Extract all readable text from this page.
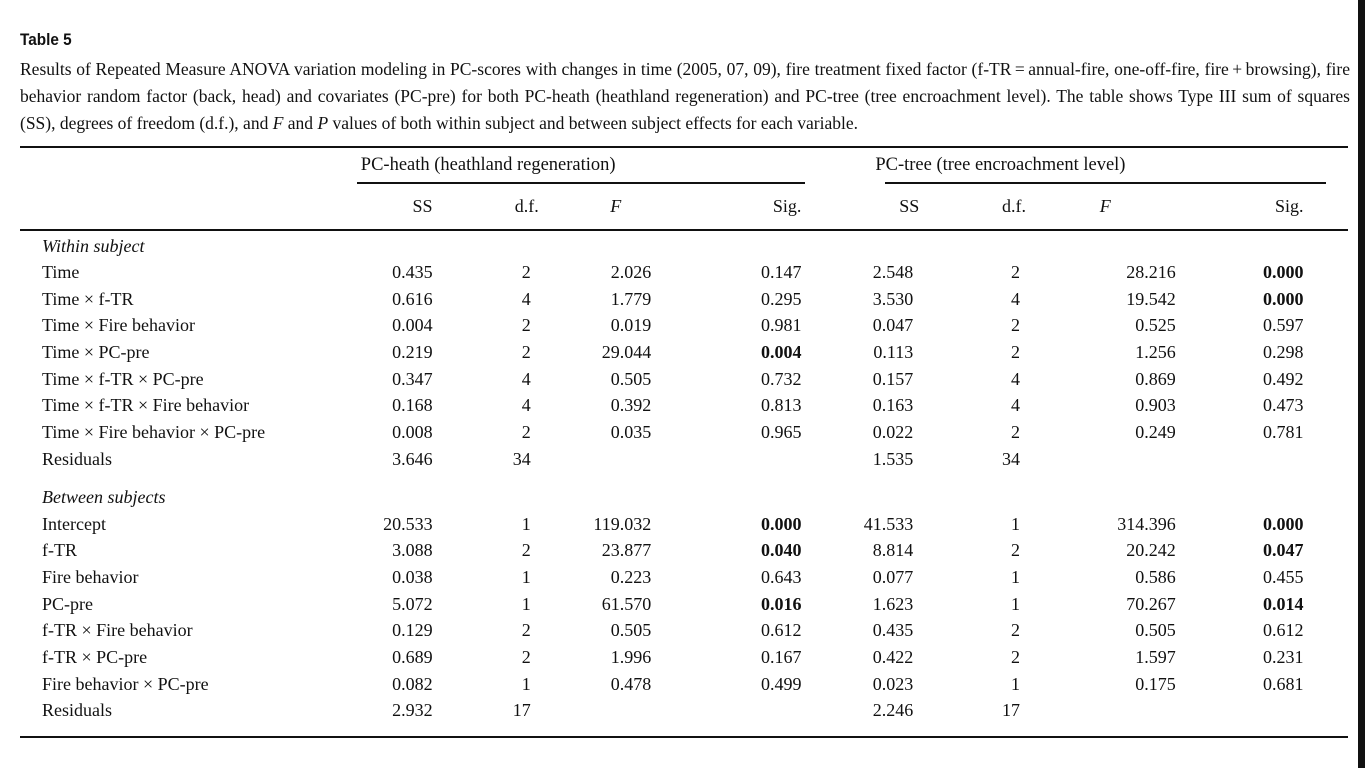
Table 5
Results of Repeated Measure ANOVA variation modeling in PC-scores with changes in time (2005, 07, 09), fire treatment fixed factor (f-TR = annual-fire, one-off-fire, fire + browsing), fire behavior random factor (back, head) and covariates (PC-pre) for both PC-heath (heathland regeneration) and PC-tree (tree encroachment level). The table shows Type III sum of squares (SS), degrees of freedom (d.f.), and F and P values of both within subject and between subject effects for each variable.
	PC-heath (heathland regeneration)				PC-tree (tree encroachment level)				
	SS	d.f.	F	Sig.	SS	d.f.	F	Sig.	
Within subject									
Time	0.435	2	2.026	0.147	2.548	2	28.216	0.000	
Time × f-TR	0.616	4	1.779	0.295	3.530	4	19.542	0.000	
Time × Fire behavior	0.004	2	0.019	0.981	0.047	2	0.525	0.597	
Time × PC-pre	0.219	2	29.044	0.004	0.113	2	1.256	0.298	
Time × f-TR × PC-pre	0.347	4	0.505	0.732	0.157	4	0.869	0.492	
Time × f-TR × Fire behavior	0.168	4	0.392	0.813	0.163	4	0.903	0.473	
Time × Fire behavior × PC-pre	0.008	2	0.035	0.965	0.022	2	0.249	0.781	
Residuals	3.646	34			1.535	34			
Between subjects									
Intercept	20.533	1	119.032	0.000	41.533	1	314.396	0.000	
f-TR	3.088	2	23.877	0.040	8.814	2	20.242	0.047	
Fire behavior	0.038	1	0.223	0.643	0.077	1	0.586	0.455	
PC-pre	5.072	1	61.570	0.016	1.623	1	70.267	0.014	
f-TR × Fire behavior	0.129	2	0.505	0.612	0.435	2	0.505	0.612	
f-TR × PC-pre	0.689	2	1.996	0.167	0.422	2	1.597	0.231	
Fire behavior × PC-pre	0.082	1	0.478	0.499	0.023	1	0.175	0.681	
Residuals	2.932	17			2.246	17			
